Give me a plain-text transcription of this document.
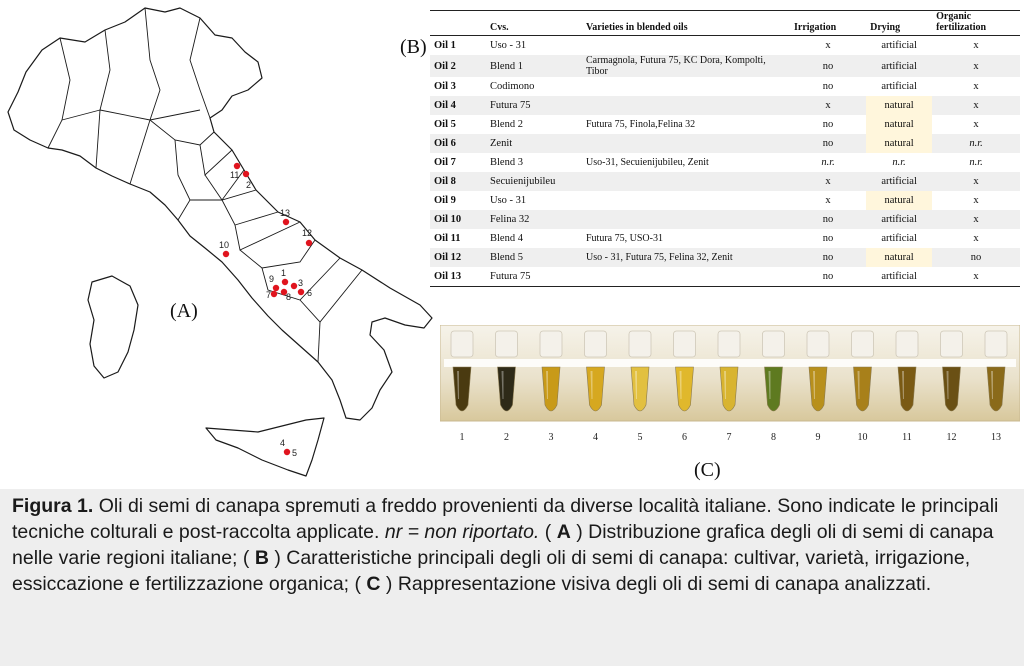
11
2
13
12
10
9
1
7 8
3
6
4
5
(A)
(B)

	Cvs.	Varieties in blended oils	Irrigation	Drying	Organic
fertilization
Oil 1	Uso - 31		x	artificial	x
Oil 2	Blend 1	Carmagnola, Futura 75, KC Dora, Kompolti, Tibor	no	artificial	x
Oil 3	Codimono		no	artificial	x
Oil 4	Futura 75		x	natural	x
Oil 5	Blend 2	Futura 75, Finola,Felina 32	no	natural	x
Oil 6	Zenit		no	natural	n.r.
Oil 7	Blend 3	Uso-31, Secuienijubileu, Zenit	n.r.	n.r.	n.r.
Oil 8	Secuienijubileu		x	artificial	x
Oil 9	Uso - 31		x	natural	x
Oil 10	Felina 32		no	artificial	x
Oil 11	Blend 4	Futura 75, USO-31	no	artificial	x
Oil 12	Blend 5	Uso - 31, Futura 75, Felina 32, Zenit	no	natural	no
Oil 13	Futura 75		no	artificial	x
1	2	3	4	5	6	7	8	9	10	11	12	13
(C)
Figura 1. Oli di semi di canapa spremuti a freddo provenienti da diverse località italiane. Sono indicate le principali tecniche colturali e post-raccolta applicate. nr = non riportato. ( A ) Distribuzione grafica degli oli di semi di canapa nelle varie regioni italiane; ( B ) Caratteristiche principali degli oli di semi di canapa: cultivar, varietà, irrigazione, essiccazione e fertilizzazione organica; ( C ) Rappresentazione visiva degli oli di semi di canapa analizzati.
